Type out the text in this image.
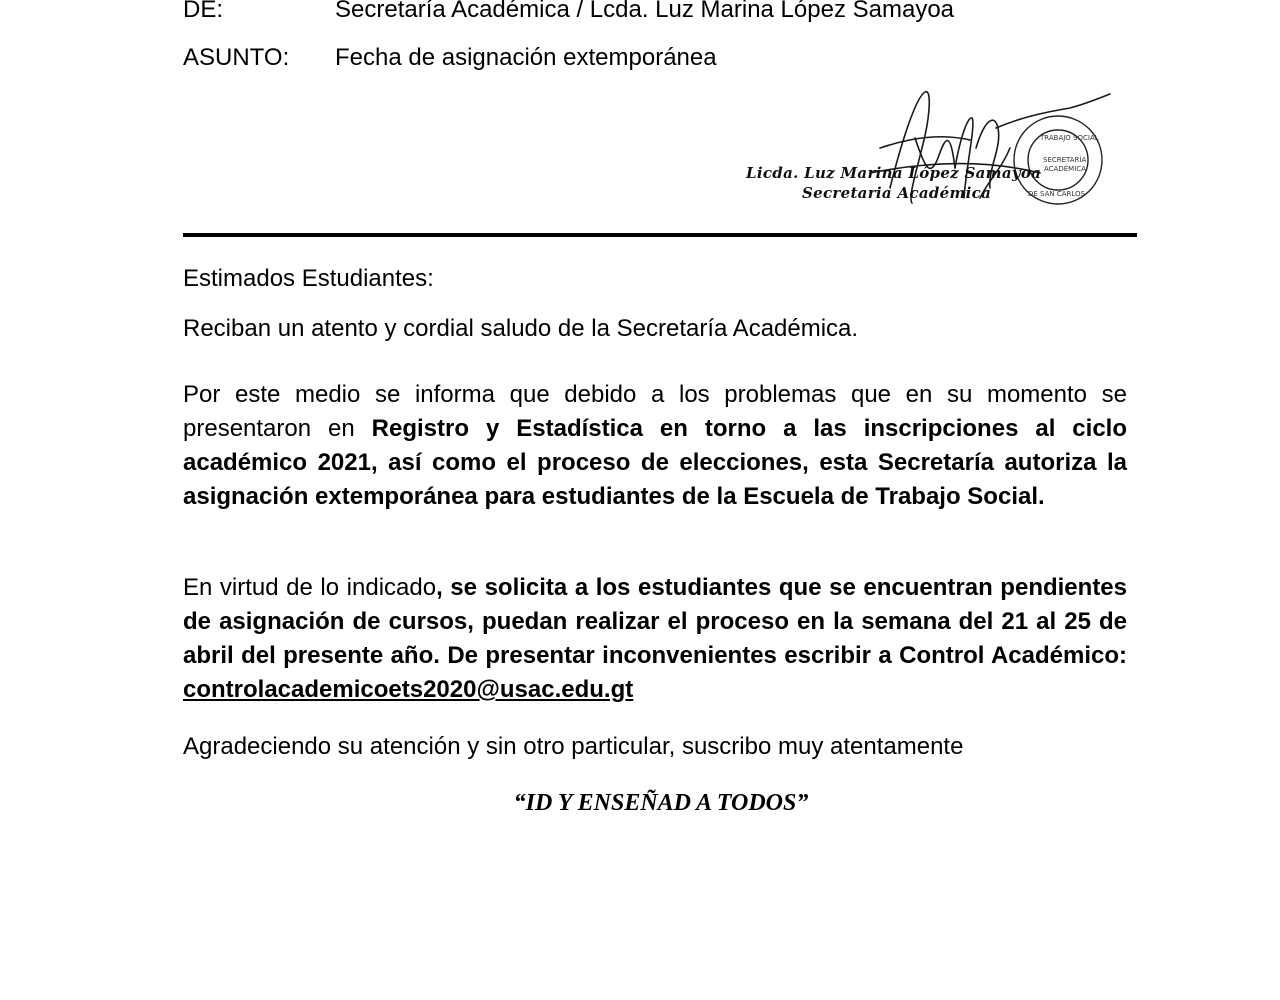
DE:	Secretaría Académica / Lcda. Luz Marina López Samayoa
ASUNTO: Fecha de asignación extemporánea
TRABAJO SOCIAL
SECRETARÍA
ACADÉMICA
DE SAN CARLOS
Licda. Luz Marina López Samayoa
Secretaria Académica
Estimados Estudiantes:
Reciban un atento y cordial saludo de la Secretaría Académica.
Por este medio se informa que debido a los problemas que en su momento se presentaron en Registro y Estadística en torno a las inscripciones al ciclo académico 2021, así como el proceso de elecciones, esta Secretaría autoriza la asignación extemporánea para estudiantes de la Escuela de Trabajo Social.
En virtud de lo indicado, se solicita a los estudiantes que se encuentran pendientes de asignación de cursos, puedan realizar el proceso en la semana del 21 al 25 de abril del presente año. De presentar inconvenientes escribir a Control Académico: controlacademicoets2020@usac.edu.gt
Agradeciendo su atención y sin otro particular, suscribo muy atentamente
“ID Y ENSEÑAD A TODOS”
